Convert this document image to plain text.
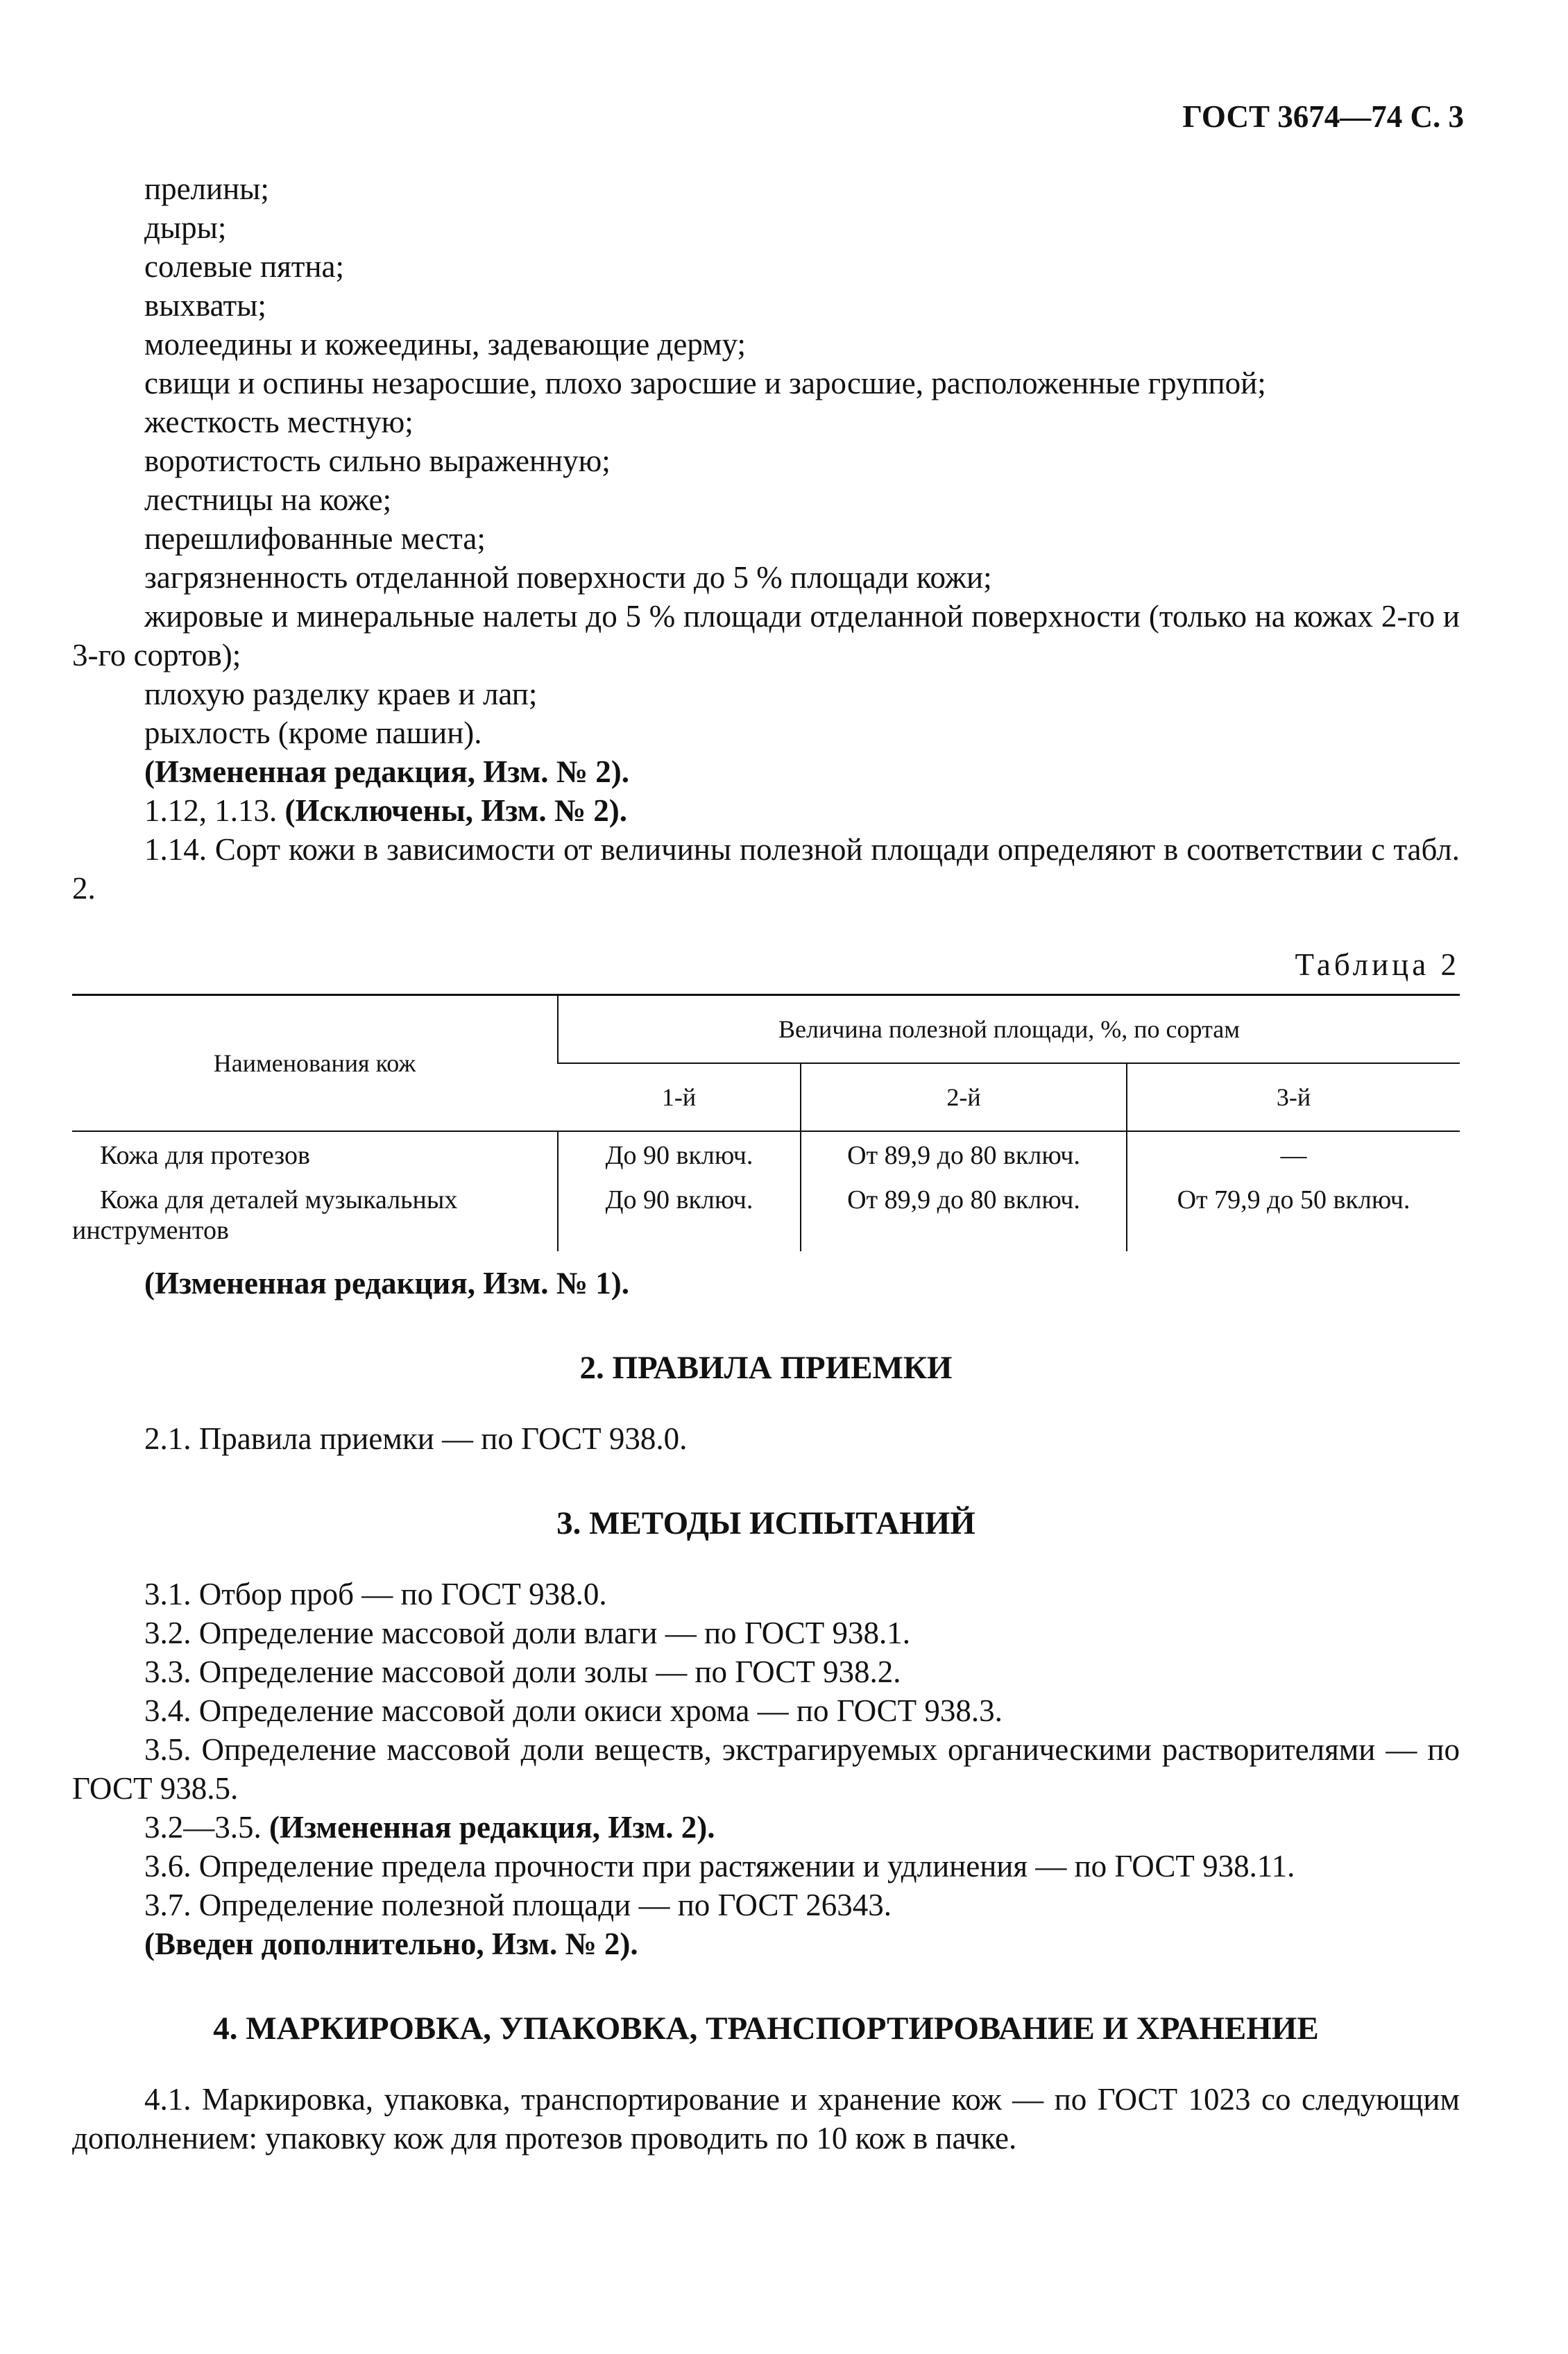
ГОСТ 3674—74 С. 3

прелины;

дыры;

солевые пятна;

выхваты;

молеедины и кожеедины, задевающие дерму;

свищи и оспины незаросшие, плохо заросшие и заросшие, расположенные группой;

жесткость местную;

воротистость сильно выраженную;

лестницы на коже;

перешлифованные места;

загрязненность отделанной поверхности до 5 % площади кожи;

жировые и минеральные налеты до 5 % площади отделанной поверхности (только на кожах 2-го и 3-го сортов);

плохую разделку краев и лап;

рыхлость (кроме пашин).

(Измененная редакция, Изм. № 2).

1.12, 1.13. (Исключены, Изм. № 2).

1.14. Сорт кожи в зависимости от величины полезной площади определяют в соответствии с табл. 2.

Таблица 2

Наименования кож	Величина полезной площади, %, по сортам		
	1-й	2-й	3-й

Кожа для протезов	До 90 включ.	От 89,9 до 80 включ.	—

Кожа для деталей музыкальных инструментов	До 90 включ.	От 89,9 до 80 включ.	От 79,9 до 50 включ.

(Измененная редакция, Изм. № 1).

2. ПРАВИЛА ПРИЕМКИ

2.1. Правила приемки — по ГОСТ 938.0.

3. МЕТОДЫ ИСПЫТАНИЙ

3.1. Отбор проб — по ГОСТ 938.0.

3.2. Определение массовой доли влаги — по ГОСТ 938.1.

3.3. Определение массовой доли золы — по ГОСТ 938.2.

3.4. Определение массовой доли окиси хрома — по ГОСТ 938.3.

3.5. Определение массовой доли веществ, экстрагируемых органическими растворителями — по ГОСТ 938.5.

3.2—3.5. (Измененная редакция, Изм. 2).

3.6. Определение предела прочности при растяжении и удлинения — по ГОСТ 938.11.

3.7. Определение полезной площади — по ГОСТ 26343.

(Введен дополнительно, Изм. № 2).

4. МАРКИРОВКА, УПАКОВКА, ТРАНСПОРТИРОВАНИЕ И ХРАНЕНИЕ

4.1. Маркировка, упаковка, транспортирование и хранение кож — по ГОСТ 1023 со следующим дополнением: упаковку кож для протезов проводить по 10 кож в пачке.
